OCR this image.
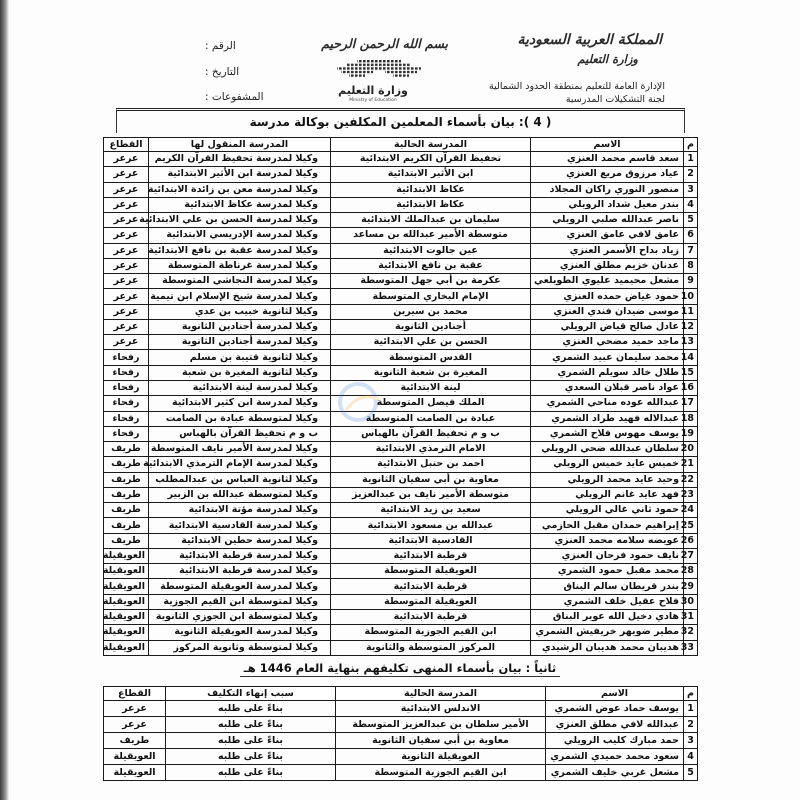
المملكة العربية السعودية
وزارة التعليم
الإدارة العامة للتعليم بمنطقة الحدود الشمالية
لجنة التشكيلات المدرسية
بسم الله الرحمن الرحيم
وزارة التعليم
Ministry of Education
الرقم :
التاريخ :
المشفوعات :
( 4 ): بيان بأسماء المعلمين المكلفين بوكالة مدرسة
م	الاسم	المدرسة الحالية	المدرسة المنقول لها	القطاع
1	سعد قاسم محمد العنزي	تحفيظ القرآن الكريم الابتدائية	وكيلا لمدرسة تحفيظ القرآن الكريم	عرعر
2	عياد مرزوق مريع العنزي	ابن الأثير الابتدائية	وكيلا لمدرسة ابن الأثير الابتدائية	عرعر
3	منصور النوري راكان المجلاد	عكاظ الابتدائية	وكيلا لمدرسة معن بن زائدة الابتدائية	عرعر
4	بندر معيل شداد الرويلي	عكاظ الابتدائية	وكيلا لمدرسة عكاظ الابتدائية	عرعر
5	ناصر عبدالله صلبي الرويلي	سليمان بن عبدالملك الابتدائية	وكيلا لمدرسة الحسن بن علي الابتدائية	عرعر
6	عامق لافي عامق العنزي	متوسطة الأمير عبدالله بن مساعد	وكيلا لمدرسة الإدريسي الابتدائية	عرعر
7	زياد بداح الأسمر العنزي	عين جالوت الابتدائية	وكيلا لمدرسة عقبة بن نافع الابتدائية	عرعر
8	عدنان خزيم مطلق العنزي	عقبة بن نافع الابتدائية	وكيلا لمدرسة غرناطة المتوسطة	عرعر
9	مشعل محيميد عليوي الطويلعي	عكرمة بن أبي جهل المتوسطة	وكيلا لمدرسة النجاشي المتوسطة	عرعر
10	حمود غياض حمده العنزي	الإمام البخاري المتوسطة	وكيلا لمدرسة شيخ الإسلام ابن تيمية	عرعر
11	موسى ضيدان فندي العنزي	محمد بن سيرين	وكيلا لثانوية خبيب بن عدي	عرعر
12	عادل صالح قياض الرويلي	أجنادين الثانوية	وكيلا لمدرسة أجنادين الثانوية	عرعر
13	ماجد حميد مضحي العنزي	الحسن بن علي الابتدائية	وكيلا لمدرسة أجنادين الثانوية	عرعر
14	محمد سليمان عبيد الشمري	القدس المتوسطة	وكيلا لثانوية قتيبة بن مسلم	رفحاء
15	طلال خالد سويلم الشمري	المغيرة بن شعبة الثانوية	وكيلا لثانوية المغيرة بن شعبة	رفحاء
16	عواد ناصر قبلان السعدي	لينة الابتدائية	وكيلا لمدرسة لينة الابتدائية	رفحاء
17	عبدالله عوده مناحي الشمري	الملك فيصل المتوسطة	وكيلا لمدرسة ابن كثير الابتدائية	رفحاء
18	عبدالاله فهيد طراد الشمري	عبادة بن الصامت المتوسطة	وكيلا لمتوسطة عبادة بن الصامت	رفحاء
19	يوسف مهوس فلاح الشمري	ب و م تحفيظ القرآن بالهباس	ب و م تحفيظ القرآن بالهباس	رفحاء
20	سلطان عبدالله ضحي الرويلي	الامام الترمذي الابتدائية	وكيلا لمدرسة الأمير نايف المتوسطة	طريف
21	خميس عايد خميس الرويلي	احمد بن حنبل الابتدائية	وكيلا لمدرسة الإمام الترمذي الابتدائية	طريف
22	وحيد عايد محمد الرويلي	معاوية بن أبي سفيان الثانوية	وكيلا لثانوية العباس بن عبدالمطلب	طريف
23	فهد عايد غانم الرويلي	متوسطة الأمير نايف بن عبدالعزيز	وكيلا لمتوسطة عبدالله بن الزبير	طريف
24	حمود ثاني غالي الرويلي	سعيد بن زيد الابتدائية	وكيلا لمدرسة مؤتة الابتدائية	طريف
25	إبراهيم حمدان مقبل الحازمي	عبدالله بن مسعود الابتدائية	وكيلا لمدرسة القادسية الابتدائية	طريف
26	عويضه سلامه محمد العنزي	القادسية الابتدائية	وكيلا لمدرسة حطين الابتدائية	طريف
27	نايف حمود فرحان العنزي	قرطبة الابتدائية	وكيلا لمدرسة قرطبة الابتدائية	العويقيلة
28	محمد مقبل حمود الشمري	العويقيلة المتوسطة	وكيلا لمدرسة قرطبة الابتدائية	العويقيلة
29	بندر قريطان سالم البناق	قرطبة الابتدائية	وكيلا لمدرسة العويقيلة المتوسطة	العويقيلة
30	فلاح عقيل خلف الشمري	العويقيلة المتوسطة	وكيلا لمتوسطة ابن القيم الجوزية	العويقيلة
31	هادي دخيل الله عوير البناق	قرطبة الابتدائية	وكيلا لمتوسطة ابن الجوزي الثانوية	العويقيلة
32	مطير ضويهر خريفيش الشمري	ابن القيم الجوزية المتوسطة	وكيلا لمدرسة العويقيلة الثانوية	العويقيلة
33	هديبان محمد هديبان الرشيدي	المركوز المتوسطة والثانوية	وكيلا لمتوسطة وثانوية المركوز	العويقيلة
ثانياً : بيان بأسماء المنهى تكليفهم بنهاية العام 1446 هـ
م	الاسم	المدرسة الحالية	سبب إنهاء التكليف	القطاع
1	يوسف حماد عوض الشمري	الاندلس الابتدائية	بناءً على طلبه	عرعر
2	عبدالله لافي مطلق العنزي	الأمير سلطان بن عبدالعزيز المتوسطة	بناءً على طلبه	عرعر
3	حمد مبارك كليب الرويلي	معاوية بن أبي سفيان الثانوية	بناءً على طلبه	طريف
4	سعود محمد حميدي الشمري	العويقيلة الثانوية	بناءً على طلبه	العويقيلة
5	مشعل غربي خليف الشمري	ابن القيم الجوزية المتوسطة	بناءً على طلبه	العويقيلة
